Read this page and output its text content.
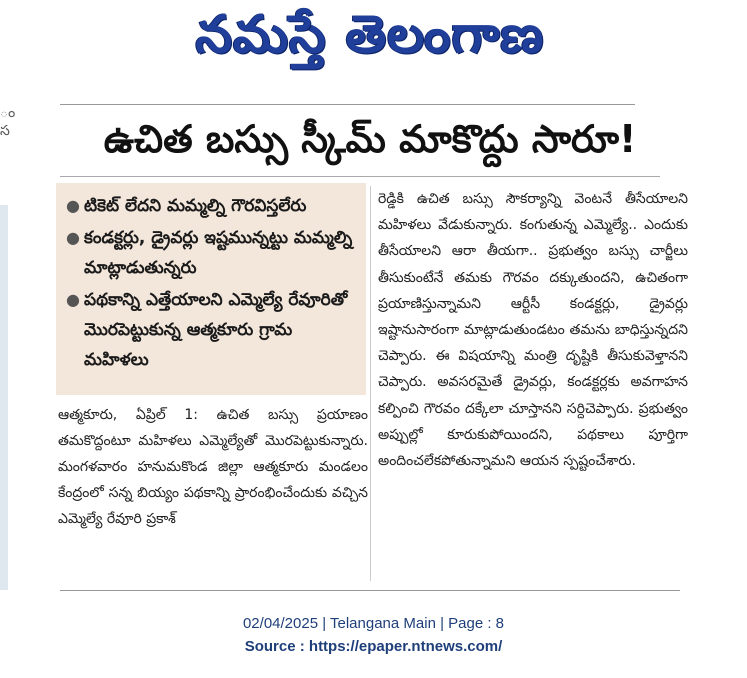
నమస్తే తెలంగాణ
ం
స	ఉచిత బస్సు స్కీమ్ మాకొద్దు సారూ!
● టికెట్ లేదని మమ్మల్ని గౌరవిస్తలేరు
● కండక్టర్లు, డ్రైవర్లు ఇష్టమున్నట్టు మమ్మల్ని మాట్లాడుతున్నరు
● పథకాన్ని ఎత్తేయాలని ఎమ్మెల్యే రేవూరితో మొరపెట్టుకున్న ఆత్మకూరు గ్రామ మహిళలు
ఆత్మకూరు, ఏప్రిల్ 1: ఉచిత బస్సు ప్రయాణం తమకొద్దంటూ మహిళలు ఎమ్మెల్యేతో మొరపెట్టుకున్నారు. మంగళవారం హనుమకొండ జిల్లా ఆత్మకూరు మండలం కేంద్రంలో సన్న బియ్యం పథకాన్ని ప్రారంభించేందుకు వచ్చిన ఎమ్మెల్యే రేవూరి ప్రకాశ్
రెడ్డికి ఉచిత బస్సు సౌకర్యాన్ని వెంటనే తీసేయాలని మహిళలు వేడుకున్నారు. కంగుతున్న ఎమ్మెల్యే.. ఎందుకు తీసేయాలని ఆరా తీయగా.. ప్రభుత్వం బస్సు చార్జీలు తీసుకుంటేనే తమకు గౌరవం దక్కుతుందని, ఉచితంగా ప్రయాణిస్తున్నామని ఆర్టీసీ కండక్టర్లు, డ్రైవర్లు ఇష్టానుసారంగా మాట్లాడుతుండటం తమను బాధిస్తున్నదని చెప్పారు. ఈ విషయాన్ని మంత్రి దృష్టికి తీసుకువెళ్తానని చెప్పారు. అవసరమైతే డ్రైవర్లు, కండక్టర్లకు అవగాహన కల్పించి గౌరవం దక్కేలా చూస్తానని సర్దిచెప్పారు. ప్రభుత్వం అప్పుల్లో కూరుకుపోయిందని, పథకాలు పూర్తిగా అందించలేకపోతున్నామని ఆయన స్పష్టంచేశారు.
02/04/2025 | Telangana Main | Page : 8
Source : https://epaper.ntnews.com/
